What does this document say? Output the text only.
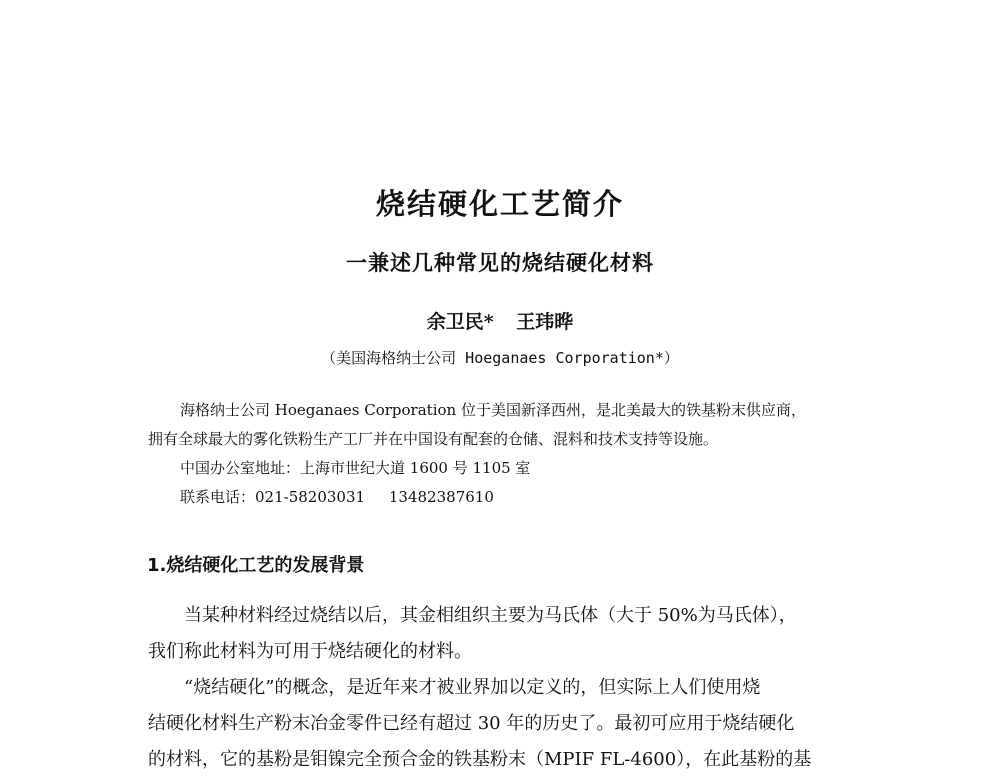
烧结硬化工艺简介
一兼述几种常见的烧结硬化材料
余卫民* 王玮晔
（美国海格纳士公司 Hoeganaes Corporation*）

海格纳士公司 Hoeganaes Corporation 位于美国新泽西州，是北美最大的铁基粉末供应商，

拥有全球最大的雾化铁粉生产工厂并在中国设有配套的仓储、混料和技术支持等设施。

中国办公室地址：上海市世纪大道 1600 号 1105 室

联系电话：021-58203031     13482387610

1.烧结硬化工艺的发展背景

当某种材料经过烧结以后，其金相组织主要为马氏体（大于 50%为马氏体），

我们称此材料为可用于烧结硬化的材料。

“烧结硬化”的概念，是近年来才被业界加以定义的，但实际上人们使用烧

结硬化材料生产粉末冶金零件已经有超过 30 年的历史了。最初可应用于烧结硬化

的材料，它的基粉是钼镍完全预合金的铁基粉末（MPIF FL-4600），在此基粉的基
